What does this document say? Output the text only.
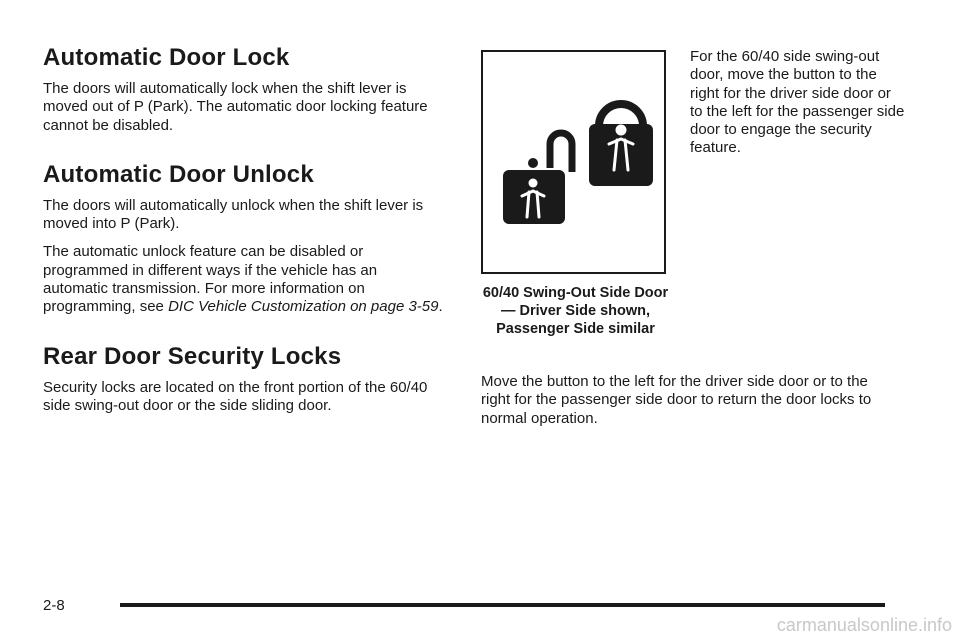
Automatic Door Lock

The doors will automatically lock when the shift lever is moved out of P (Park). The automatic door locking feature cannot be disabled.

Automatic Door Unlock

The doors will automatically unlock when the shift lever is moved into P (Park).

The automatic unlock feature can be disabled or programmed in different ways if the vehicle has an automatic transmission. For more information on programming, see DIC Vehicle Customization on page 3-59.

Rear Door Security Locks

Security locks are located on the front portion of the 60/40 side swing-out door or the side sliding door.

60/40 Swing-Out Side Door — Driver Side shown, Passenger Side similar

For the 60/40 side swing-out door, move the button to the right for the driver side door or to the left for the passenger side door to engage the security feature.

Move the button to the left for the driver side door or to the right for the passenger side door to return the door locks to normal operation.

2-8
carmanualsonline.info
